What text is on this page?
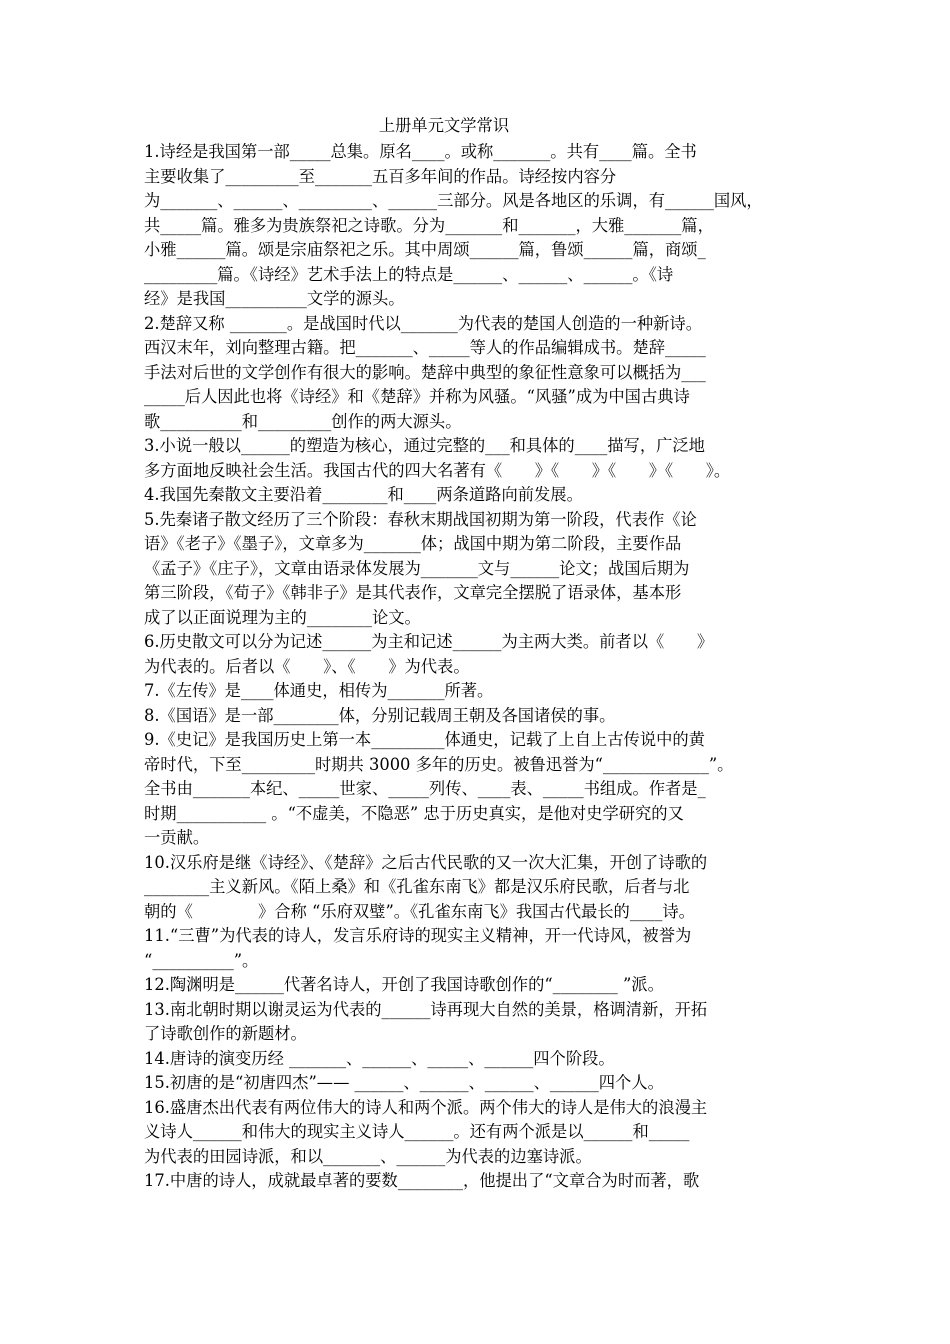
上册单元文学常识
1.诗经是我国第一部_____总集。原名____。或称_______。共有____篇。全书
主要收集了_________至_______五百多年间的作品。诗经按内容分
为_______、______、_________、______三部分。风是各地区的乐调，有______国风，
共_____篇。雅多为贵族祭祀之诗歌。分为_______和_______，大雅_______篇，
小雅______篇。颂是宗庙祭祀之乐。其中周颂______篇，鲁颂______篇，商颂_
_________篇。《诗经》艺术手法上的特点是______、______、______。《诗
经》是我国__________文学的源头。
2.楚辞又称 _______。是战国时代以_______为代表的楚国人创造的一种新诗。
西汉末年，刘向整理古籍。把_______、_____等人的作品编辑成书。楚辞_____
手法对后世的文学创作有很大的影响。楚辞中典型的象征性意象可以概括为___
_____后人因此也将《诗经》和《楚辞》并称为风骚。“风骚”成为中国古典诗
歌__________和_________创作的两大源头。
3.小说一般以______的塑造为核心，通过完整的___和具体的____描写，广泛地
多方面地反映社会生活。我国古代的四大名著有《　　》《　　》《　　》《　　》。
4.我国先秦散文主要沿着________和____两条道路向前发展。
5.先秦诸子散文经历了三个阶段：春秋末期战国初期为第一阶段，代表作《论
语》《老子》《墨子》，文章多为_______体；战国中期为第二阶段，主要作品
《孟子》《庄子》，文章由语录体发展为_______文与______论文；战国后期为
第三阶段，《荀子》《韩非子》是其代表作，文章完全摆脱了语录体，基本形
成了以正面说理为主的________论文。
6.历史散文可以分为记述______为主和记述______为主两大类。前者以《　　》
为代表的。后者以《　　》、《　　》为代表。
7.《左传》是____体通史，相传为_______所著。
8.《国语》是一部________体，分别记载周王朝及各国诸侯的事。
9.《史记》是我国历史上第一本_________体通史，记载了上自上古传说中的黄
帝时代，下至_________时期共 3000 多年的历史。被鲁迅誉为“_____________”。
全书由_______本纪、_____世家、_____列传、____表、_____书组成。作者是_
时期___________ 。“不虚美，不隐恶” 忠于历史真实，是他对史学研究的又
一贡献。
10.汉乐府是继《诗经》、《楚辞》之后古代民歌的又一次大汇集，开创了诗歌的
________主义新风。《陌上桑》和《孔雀东南飞》都是汉乐府民歌，后者与北
朝的《　　　　》合称 “乐府双璧”。《孔雀东南飞》我国古代最长的____诗。
11.“三曹”为代表的诗人，发言乐府诗的现实主义精神，开一代诗风，被誉为
“__________”。
12.陶渊明是______代著名诗人，开创了我国诗歌创作的“________ ”派。
13.南北朝时期以谢灵运为代表的______诗再现大自然的美景，格调清新，开拓
了诗歌创作的新题材。
14.唐诗的演变历经 _______、______、_____、______四个阶段。
15.初唐的是“初唐四杰”—— ______、______、______、______四个人。
16.盛唐杰出代表有两位伟大的诗人和两个派。两个伟大的诗人是伟大的浪漫主
义诗人______和伟大的现实主义诗人______。还有两个派是以______和_____
为代表的田园诗派，和以_______、______为代表的边塞诗派。
17.中唐的诗人，成就最卓著的要数________，他提出了“文章合为时而著，歌
